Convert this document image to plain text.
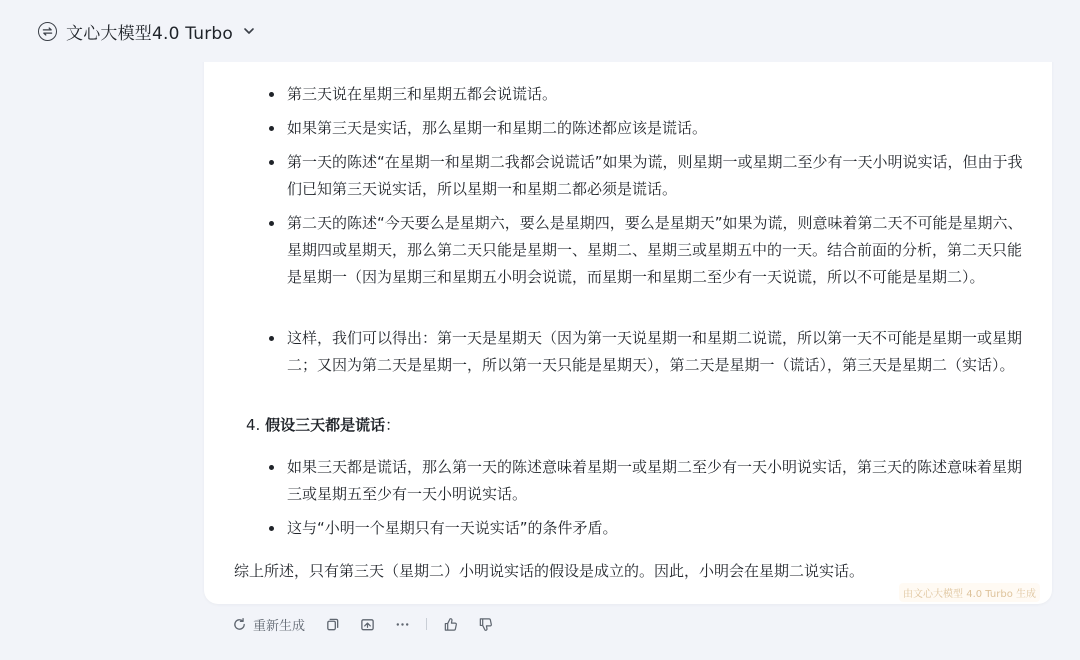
文心大模型4.0 Turbo
第三天说在星期三和星期五都会说谎话。
如果第三天是实话，那么星期一和星期二的陈述都应该是谎话。
第一天的陈述“在星期一和星期二我都会说谎话”如果为谎，则星期一或星期二至少有一天小明说实话，但由于我们已知第三天说实话，所以星期一和星期二都必须是谎话。
第二天的陈述“今天要么是星期六，要么是星期四，要么是星期天”如果为谎，则意味着第二天不可能是星期六、星期四或星期天，那么第二天只能是星期一、星期二、星期三或星期五中的一天。结合前面的分析，第二天只能是星期一（因为星期三和星期五小明会说谎，而星期一和星期二至少有一天说谎，所以不可能是星期二）。
这样，我们可以得出：第一天是星期天（因为第一天说星期一和星期二说谎，所以第一天不可能是星期一或星期二；又因为第二天是星期一，所以第一天只能是星期天），第二天是星期一（谎话），第三天是星期二（实话）。
4. 假设三天都是谎话：
如果三天都是谎话，那么第一天的陈述意味着星期一或星期二至少有一天小明说实话，第三天的陈述意味着星期三或星期五至少有一天小明说实话。
这与“小明一个星期只有一天说实话”的条件矛盾。
综上所述，只有第三天（星期二）小明说实话的假设是成立的。因此，小明会在星期二说实话。
由文心大模型 4.0 Turbo 生成
重新生成
